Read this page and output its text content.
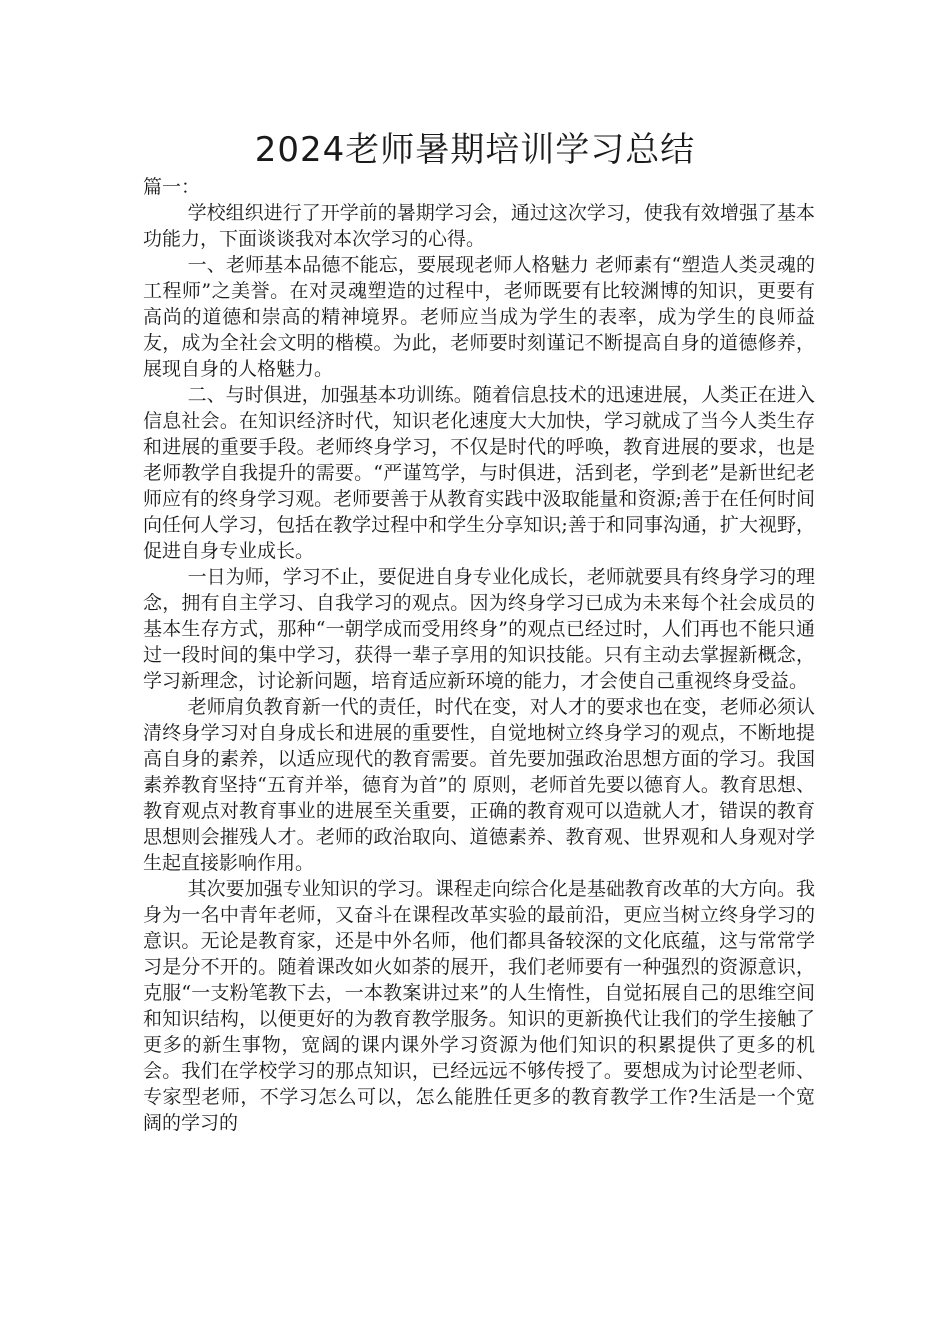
2024老师暑期培训学习总结

篇一：

学校组织进行了开学前的暑期学习会，通过这次学习，使我有效增强了基本功能力，下面谈谈我对本次学习的心得。

一、老师基本品德不能忘，要展现老师人格魅力 老师素有“塑造人类灵魂的工程师”之美誉。在对灵魂塑造的过程中，老师既要有比较渊博的知识，更要有高尚的道德和崇高的精神境界。老师应当成为学生的表率，成为学生的良师益友，成为全社会文明的楷模。为此，老师要时刻谨记不断提高自身的道德修养，展现自身的人格魅力。

二、与时俱进，加强基本功训练。随着信息技术的迅速进展，人类正在进入信息社会。在知识经济时代，知识老化速度大大加快，学习就成了当今人类生存和进展的重要手段。老师终身学习，不仅是时代的呼唤，教育进展的要求，也是老师教学自我提升的需要。“严谨笃学，与时俱进，活到老，学到老”是新世纪老师应有的终身学习观。老师要善于从教育实践中汲取能量和资源;善于在任何时间向任何人学习，包括在教学过程中和学生分享知识;善于和同事沟通，扩大视野，促进自身专业成长。

一日为师，学习不止，要促进自身专业化成长，老师就要具有终身学习的理念，拥有自主学习、自我学习的观点。因为终身学习已成为未来每个社会成员的基本生存方式，那种“一朝学成而受用终身”的观点已经过时，人们再也不能只通过一段时间的集中学习，获得一辈子享用的知识技能。只有主动去掌握新概念，学习新理念，讨论新问题，培育适应新环境的能力，才会使自己重视终身受益。

老师肩负教育新一代的责任，时代在变，对人才的要求也在变，老师必须认清终身学习对自身成长和进展的重要性，自觉地树立终身学习的观点，不断地提高自身的素养，以适应现代的教育需要。首先要加强政治思想方面的学习。我国素养教育坚持“五育并举，德育为首”的 原则，老师首先要以德育人。教育思想、教育观点对教育事业的进展至关重要，正确的教育观可以造就人才，错误的教育思想则会摧残人才。老师的政治取向、道德素养、教育观、世界观和人身观对学生起直接影响作用。

其次要加强专业知识的学习。课程走向综合化是基础教育改革的大方向。我身为一名中青年老师，又奋斗在课程改革实验的最前沿，更应当树立终身学习的意识。无论是教育家，还是中外名师，他们都具备较深的文化底蕴，这与常常学习是分不开的。随着课改如火如荼的展开，我们老师要有一种强烈的资源意识，克服“一支粉笔教下去，一本教案讲过来”的人生惰性，自觉拓展自己的思维空间和知识结构，以便更好的为教育教学服务。知识的更新换代让我们的学生接触了更多的新生事物，宽阔的课内课外学习资源为他们知识的积累提供了更多的机会。我们在学校学习的那点知识，已经远远不够传授了。要想成为讨论型老师、专家型老师，不学习怎么可以，怎么能胜任更多的教育教学工作?生活是一个宽阔的学习的
